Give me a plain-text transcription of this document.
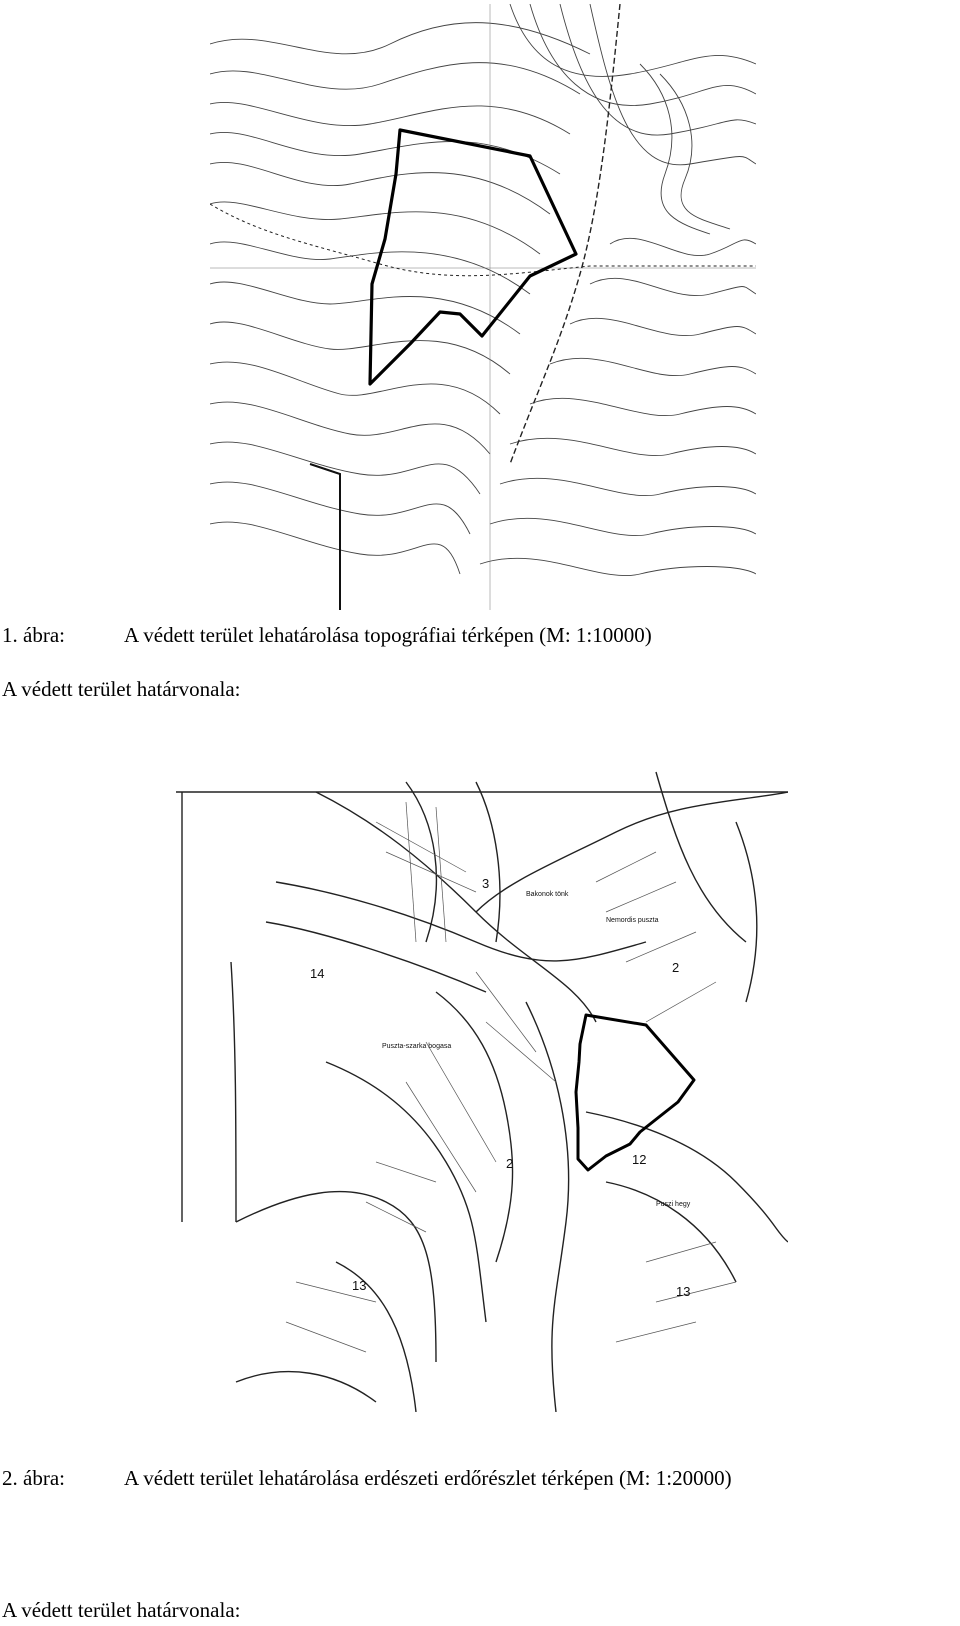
1. ábra:	A védett terület lehatárolása topográfiai térképen (M: 1:10000)
A védett terület határvonala:
Puszta-szarka bogasa
Puszi hegy
Bakonok tönk
Nemordis puszta
14
3
2
2	12
13	13
2. ábra:	A védett terület lehatárolása erdészeti erdőrészlet térképen (M: 1:20000)
A védett terület határvonala:
